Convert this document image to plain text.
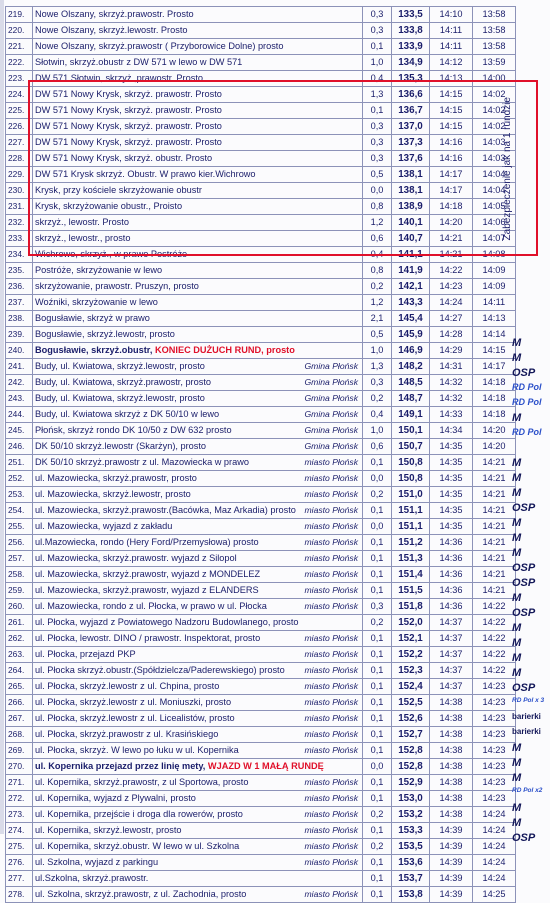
219.	Nowe Olszany, skrzyż.prawostr. Prosto	0,3	133,5	14:10	13:58
220.	Nowe Olszany, skrzyż.lewostr. Prosto	0,3	133,8	14:11	13:58
221.	Nowe Olszany, skrzyż.prawostr ( Przyborowice Dolne) prosto	0,1	133,9	14:11	13:58
222.	Słotwin, skrzyż.obustr z DW 571 w lewo w DW 571	1,0	134,9	14:12	13:59
223.	DW 571 Słotwin, skrzyż.,prawostr. Prosto	0,4	135,3	14:13	14:00
224.	DW 571 Nowy Krysk, skrzyż. prawostr. Prosto	1,3	136,6	14:15	14:02
225.	DW 571 Nowy Krysk, skrzyż. prawostr. Prosto	0,1	136,7	14:15	14:02
226.	DW 571 Nowy Krysk, skrzyż. prawostr. Prosto	0,3	137,0	14:15	14:02
227.	DW 571 Nowy Krysk, skrzyż. prawostr. Prosto	0,3	137,3	14:16	14:03
228.	DW 571 Nowy Krysk, skrzyż. obustr. Prosto	0,3	137,6	14:16	14:03
229.	DW 571 Krysk skrzyż. Obustr. W prawo kier.Wichrowo	0,5	138,1	14:17	14:04
230.	Krysk, przy kościele skrzyżowanie obustr	0,0	138,1	14:17	14:04
231.	Krysk, skrzyżowanie obustr., Proisto	0,8	138,9	14:18	14:05
232.	skrzyż., lewostr. Prosto	1,2	140,1	14:20	14:06
233.	skrzyż., lewostr., prosto	0,6	140,7	14:21	14:07
234.	Wichrowo, skrzyż., w prawo Postróże	0,4	141,1	14:21	14:08
235.	Postróże, skrzyżowanie w lewo	0,8	141,9	14:22	14:09
236.	skrzyżowanie, prawostr. Pruszyn, prosto	0,2	142,1	14:23	14:09
237.	Woźniki, skrzyżowanie w lewo	1,2	143,3	14:24	14:11
238.	Bogusławie, skrzyż w prawo	2,1	145,4	14:27	14:13
239.	Bogusławie, skrzyż.lewostr, prosto	0,5	145,9	14:28	14:14
240.	Bogusławie, skrzyż.obustr, KONIEC DUŻUCH RUND, prosto	1,0	146,9	14:29	14:15
241.	Budy, ul. Kwiatowa, skrzyż.lewostr, prosto Gmina Płońsk	1,3	148,2	14:31	14:17
242.	Budy, ul. Kwiatowa, skrzyż.prawostr, prosto Gmina Płońsk	0,3	148,5	14:32	14:18
243.	Budy, ul. Kwiatowa, skrzyż.lewostr, prosto Gmina Płońsk	0,2	148,7	14:32	14:18
244.	Budy, ul. Kwiatowa skrzyż z DK 50/10 w lewo Gmina Płońsk	0,4	149,1	14:33	14:18
245.	Płońsk, skrzyż rondo DK 10/50 z DW 632 prosto Gmina Płońsk	1,0	150,1	14:34	14:20
246.	DK 50/10 skrzyż.lewostr (Skarżyn), prosto Gmina Płońsk	0,6	150,7	14:35	14:20
251.	DK 50/10 skrzyż.prawostr z ul. Mazowiecka w prawo miasto Płońsk	0,1	150,8	14:35	14:21
252.	ul. Mazowiecka, skrzyż.prawostr, prosto miasto Płońsk	0,0	150,8	14:35	14:21
253.	ul. Mazowiecka, skrzyż.lewostr, prosto miasto Płońsk	0,2	151,0	14:35	14:21
254.	ul. Mazowiecka, skrzyż.prawostr.(Bacówka, Maz Arkadia) prosto miasto Płońsk	0,1	151,1	14:35	14:21
255.	ul. Mazowiecka, wyjazd z zakładu miasto Płońsk	0,0	151,1	14:35	14:21
256.	ul.Mazowiecka, rondo (Hery Ford/Przemysłowa) prosto miasto Płońsk	0,1	151,2	14:36	14:21
257.	ul. Mazowiecka, skrzyż.prawostr. wyjazd z Silopol miasto Płońsk	0,1	151,3	14:36	14:21
258.	ul. Mazowiecka, skrzyż.prawostr, wyjazd z MONDELEZ miasto Płońsk	0,1	151,4	14:36	14:21
259.	ul. Mazowiecka, skrzyż.prawostr, wyjazd z ELANDERS miasto Płońsk	0,1	151,5	14:36	14:21
260.	ul. Mazowiecka, rondo z ul. Płocka, w prawo w ul. Płocka miasto Płońsk	0,3	151,8	14:36	14:22
261.	ul. Płocka, wyjazd z Powiatowego Nadzoru Budowlanego, prosto	0,2	152,0	14:37	14:22
262.	ul. Płocka, lewostr. DINO / prawostr. Inspektorat, prosto miasto Płońsk	0,1	152,1	14:37	14:22
263.	ul. Płocka, przejazd PKP miasto Płońsk	0,1	152,2	14:37	14:22
264.	ul. Płocka skrzyż.obustr.(Spółdzielcza/Paderewskiego) prosto miasto Płońsk	0,1	152,3	14:37	14:22
265.	ul. Płocka, skrzyż.lewostr z ul. Chpina, prosto miasto Płońsk	0,1	152,4	14:37	14:23
266.	ul. Płocka, skrzyż.lewostr z ul. Moniuszki, prosto miasto Płońsk	0,1	152,5	14:38	14:23
267.	ul. Płocka, skrzyż.lewostr z ul. Licealistów, prosto miasto Płońsk	0,1	152,6	14:38	14:23
268.	ul. Płocka, skrzyż.prawostr z ul. Krasińskiego miasto Płońsk	0,1	152,7	14:38	14:23
269.	ul. Płocka, skrzyż. W lewo po łuku w ul. Kopernika miasto Płońsk	0,1	152,8	14:38	14:23
270.	ul. Kopernika przejazd przez linię mety, WJAZD W 1 MAŁĄ RUNDĘ	0,0	152,8	14:38	14:23
271.	ul. Kopernika, skrzyż.prawostr, z ul Sportowa, prosto miasto Płońsk	0,1	152,9	14:38	14:23
272.	ul. Kopernika, wyjazd z Plywalni, prosto miasto Płońsk	0,1	153,0	14:38	14:23
273.	ul. Kopernika, przejście i droga dla rowerów, prosto miasto Płońsk	0,2	153,2	14:38	14:24
274.	ul. Kopernika, skrzyż.lewostr, prosto miasto Płońsk	0,1	153,3	14:39	14:24
275.	ul. Kopernika, skrzyż.obustr. W lewo w ul. Szkolna miasto Płońsk	0,2	153,5	14:39	14:24
276.	ul. Szkolna, wyjazd z parkingu miasto Płońsk	0,1	153,6	14:39	14:24
277.	ul.Szkolna, skrzyż.prawostr.	0,1	153,7	14:39	14:24
278.	ul. Szkolna, skrzyż.prawostr, z ul. Zachodnia, prosto miasto Płońsk	0,1	153,8	14:39	14:25
Zabezpieczenie jak na 1 rundzie
M
M
OSP
RD Pol
RD Pol
M
RD Pol
M
M
M
OSP
M
M
M
OSP
OSP
M
OSP
M
M
M
M
OSP
RD Pol x 3
barierki
barierki
M
M
M
RD Pol x2
M
M
OSP
